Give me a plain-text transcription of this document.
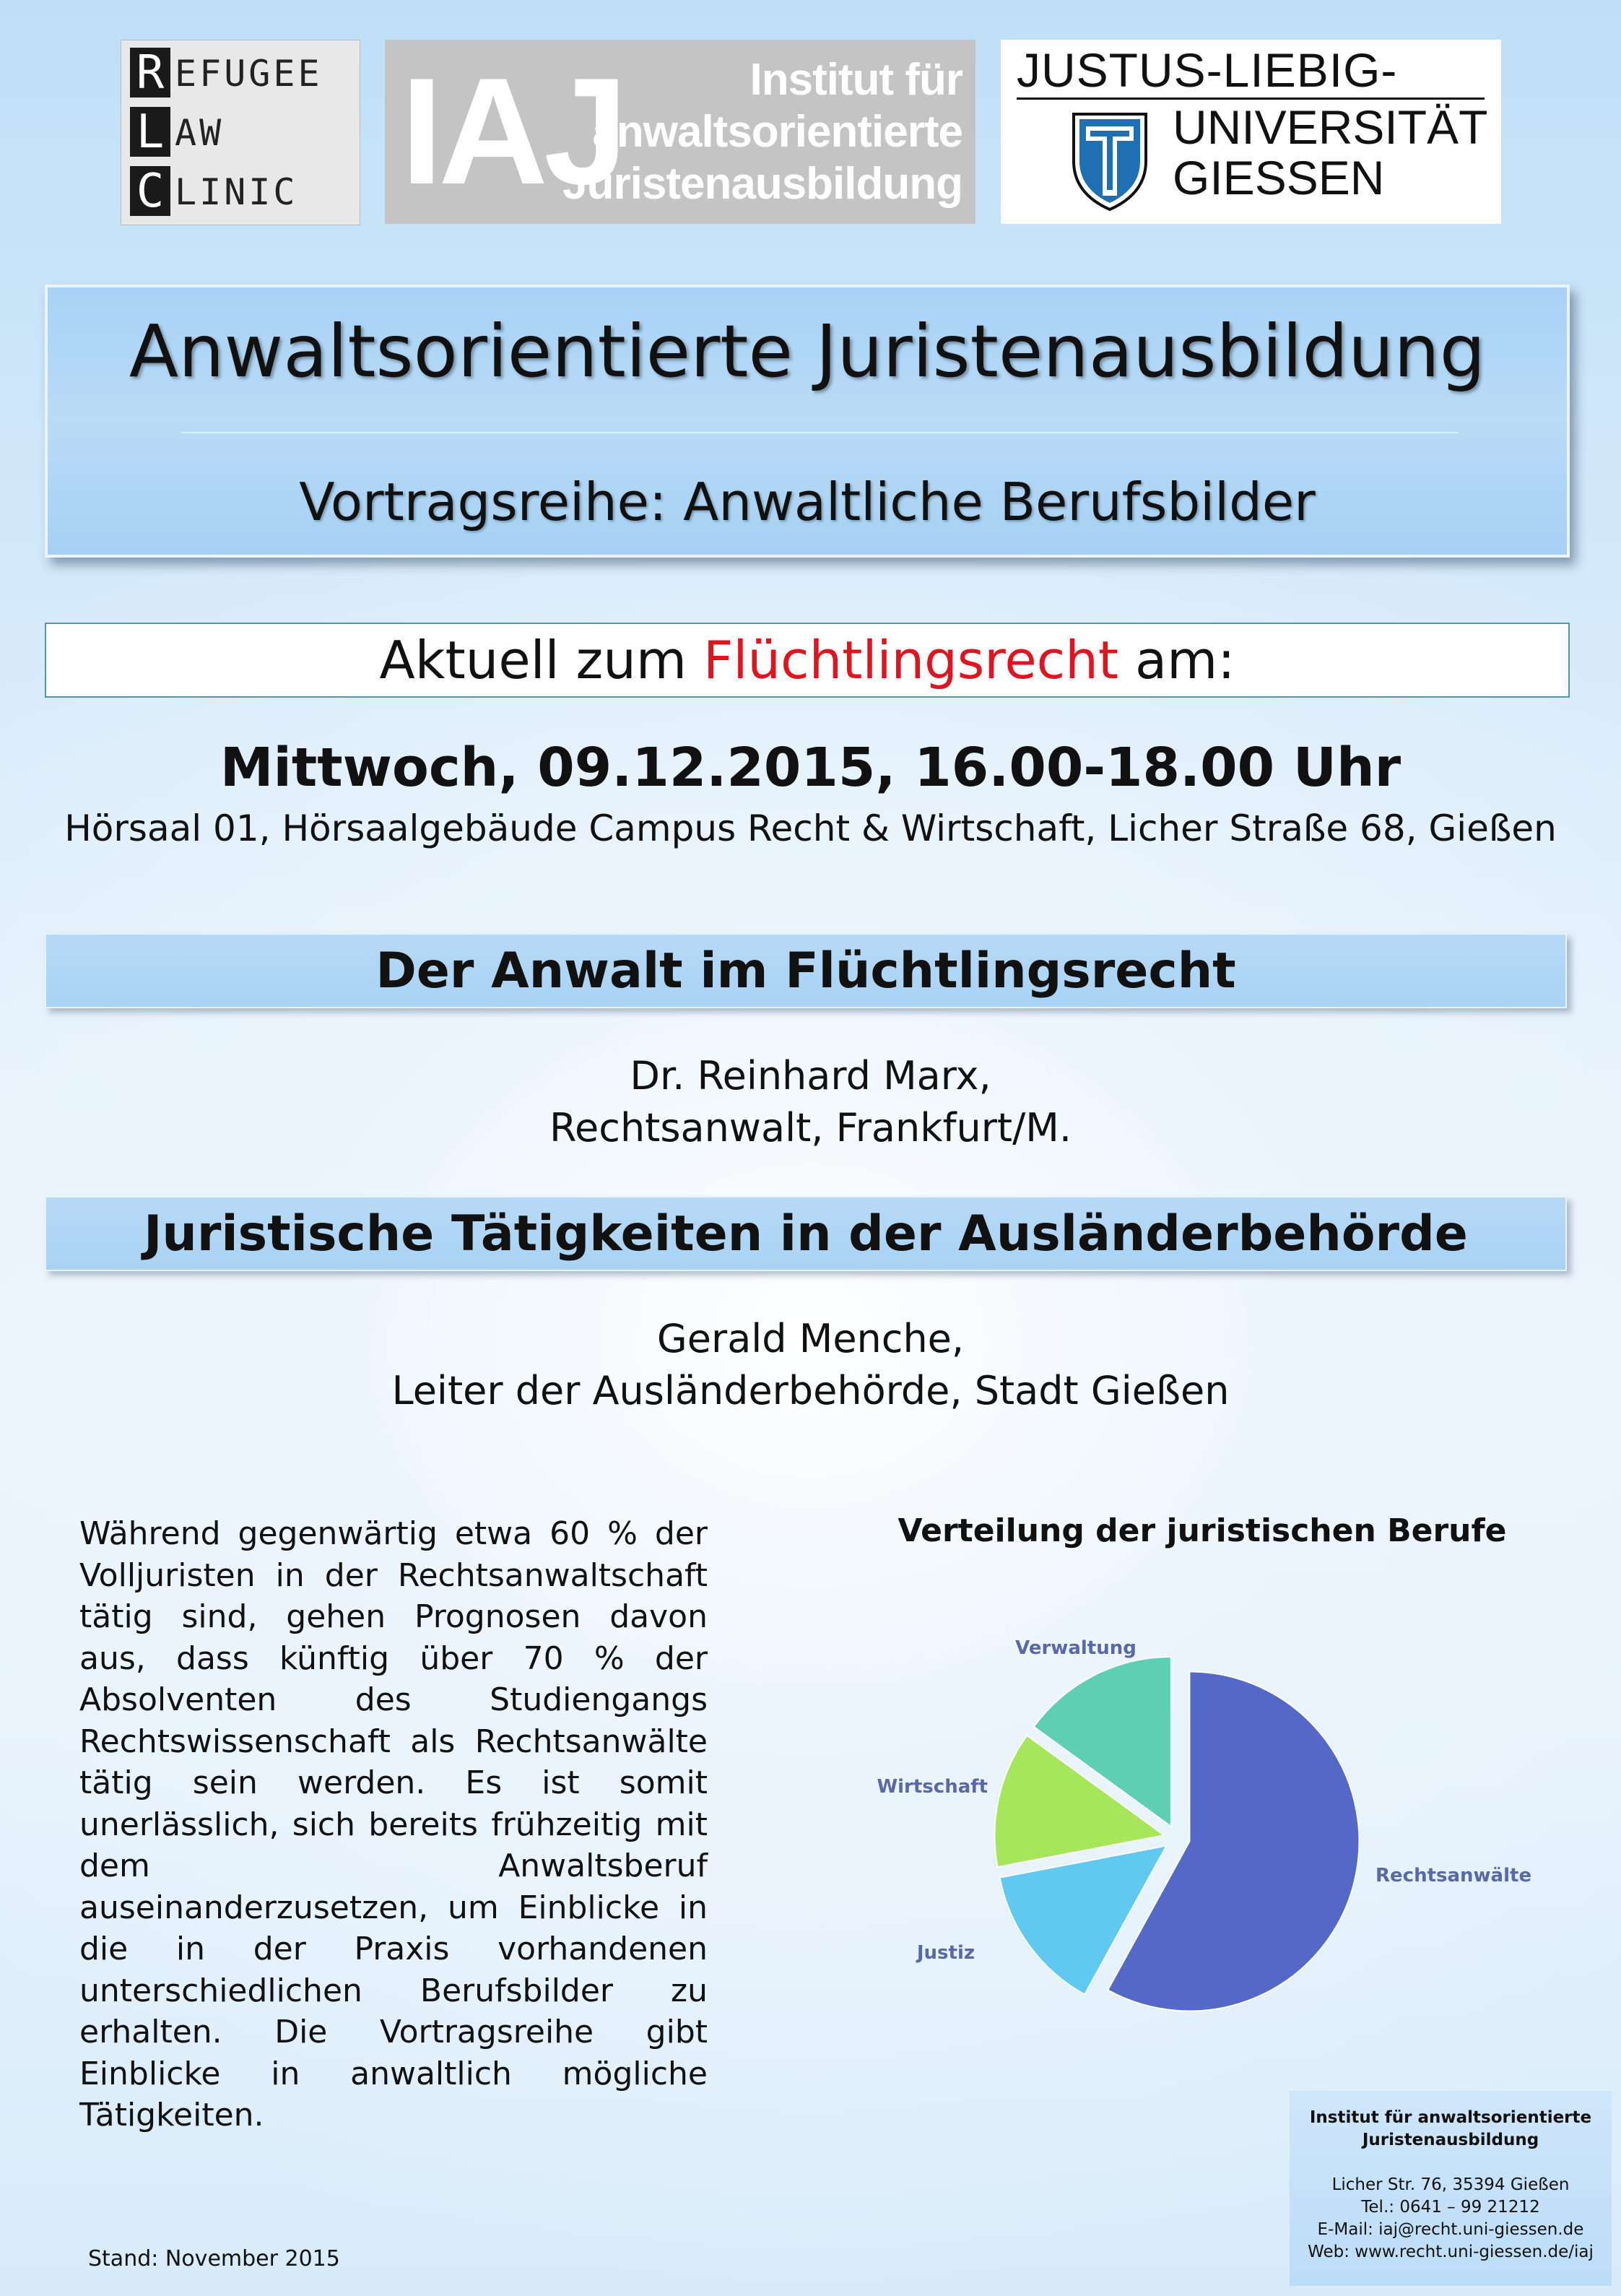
R EFUGEE
L AW
C LINIC IAJ	Institut für
anwaltsorientierte
Juristenausbildung
JUSTUS-LIEBIG-
UNIVERSITÄT
GIESSEN
Anwaltsorientierte Juristenausbildung
Vortragsreihe: Anwaltliche Berufsbilder
Aktuell zum Flüchtlingsrecht am:
Mittwoch, 09.12.2015, 16.00-18.00 Uhr
Hörsaal 01, Hörsaalgebäude Campus Recht & Wirtschaft, Licher Straße 68, Gießen
Der Anwalt im Flüchtlingsrecht
Dr. Reinhard Marx,
Rechtsanwalt, Frankfurt/M.
Juristische Tätigkeiten in der Ausländerbehörde
Gerald Menche,
Leiter der Ausländerbehörde, Stadt Gießen
Während gegenwärtig etwa 60 % der Volljuristen in der Rechtsanwaltschaft tätig sind, gehen Prognosen davon aus, dass künftig über 70 % der Absolventen des Studiengangs Rechtswissenschaft als Rechtsanwälte tätig sein werden. Es ist somit unerlässlich, sich bereits frühzeitig mit dem Anwaltsberuf auseinanderzusetzen, um Einblicke in die in der Praxis vorhandenen unterschiedlichen Berufsbilder zu erhalten. Die Vortragsreihe gibt Einblicke in anwaltlich mögliche Tätigkeiten.
Verteilung der juristischen Berufe
Rechtsanwälte
Justiz
Wirtschaft
Verwaltung
Institut für anwaltsorientierte
Juristenausbildung
Licher Str. 76, 35394 Gießen
Tel.: 0641 – 99 21212
E-Mail: iaj@recht.uni-giessen.de
Web: www.recht.uni-giessen.de/iaj
Stand: November 2015
